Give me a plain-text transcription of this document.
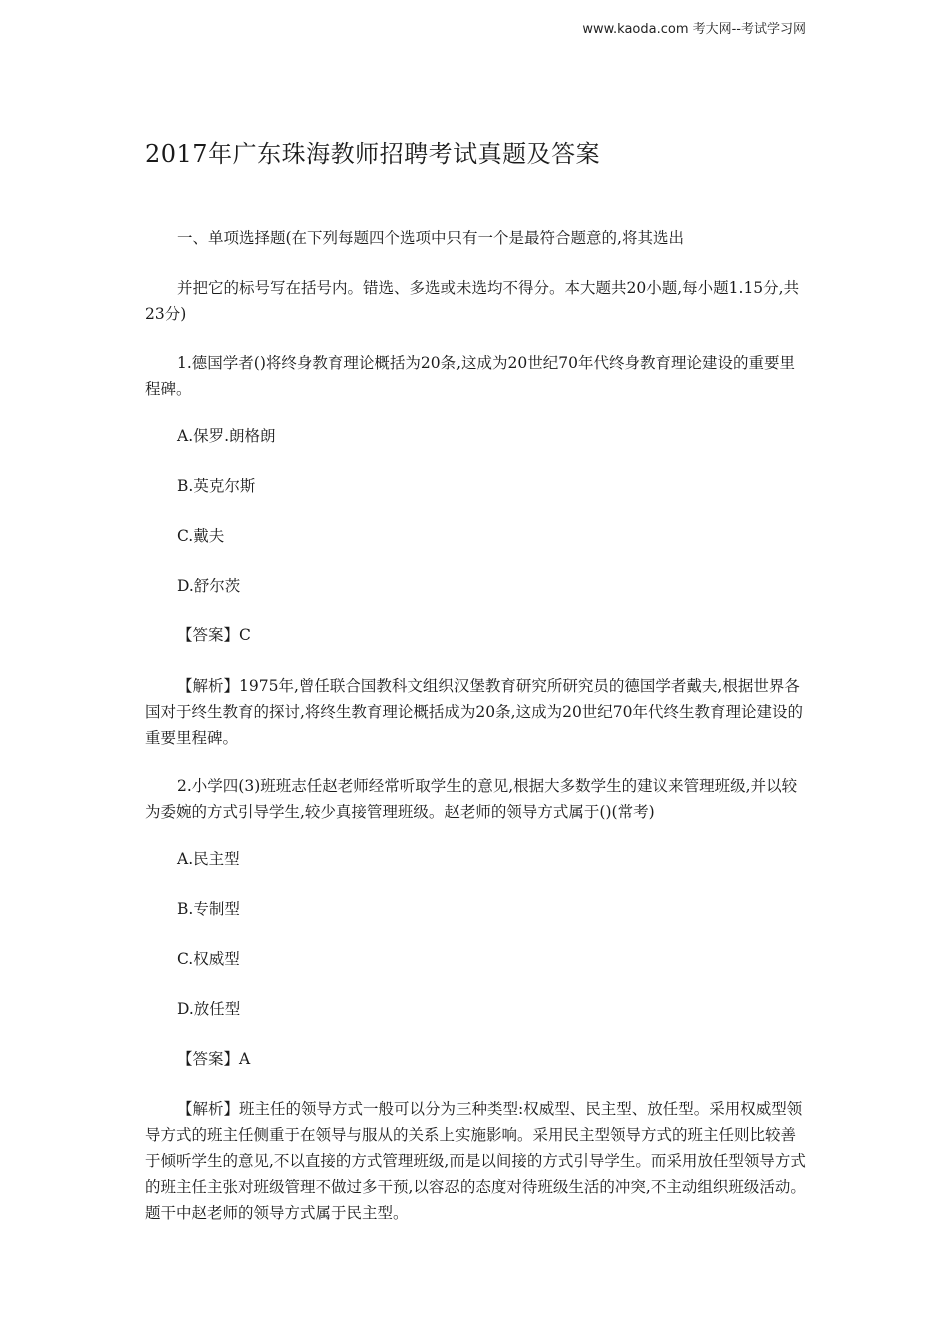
www.kaoda.com 考大网--考试学习网
2017年广东珠海教师招聘考试真题及答案

一、单项选择题(在下列每题四个选项中只有一个是最符合题意的,将其选出

并把它的标号写在括号内。错选、多选或未选均不得分。本大题共20小题,每小题1.15分,共23分)

1.德国学者()将终身教育理论概括为20条,这成为20世纪70年代终身教育理论建设的重要里程碑。

A.保罗.朗格朗

B.英克尔斯

C.戴夫

D.舒尔茨

【答案】C

【解析】1975年,曾任联合国教科文组织汉堡教育研究所研究员的德国学者戴夫,根据世界各国对于终生教育的探讨,将终生教育理论概括成为20条,这成为20世纪70年代终生教育理论建设的重要里程碑。

2.小学四(3)班班志任赵老师经常听取学生的意见,根据大多数学生的建议来管理班级,并以较为委婉的方式引导学生,较少真接管理班级。赵老师的领导方式属于()(常考)

A.民主型

B.专制型

C.权威型

D.放任型

【答案】A

【解析】班主任的领导方式一般可以分为三种类型:权威型、民主型、放任型。采用权威型领导方式的班主任侧重于在领导与服从的关系上实施影响。采用民主型领导方式的班主任则比较善于倾听学生的意见,不以直接的方式管理班级,而是以间接的方式引导学生。而采用放任型领导方式的班主任主张对班级管理不做过多干预,以容忍的态度对待班级生活的冲突,不主动组织班级活动。题干中赵老师的领导方式属于民主型。
